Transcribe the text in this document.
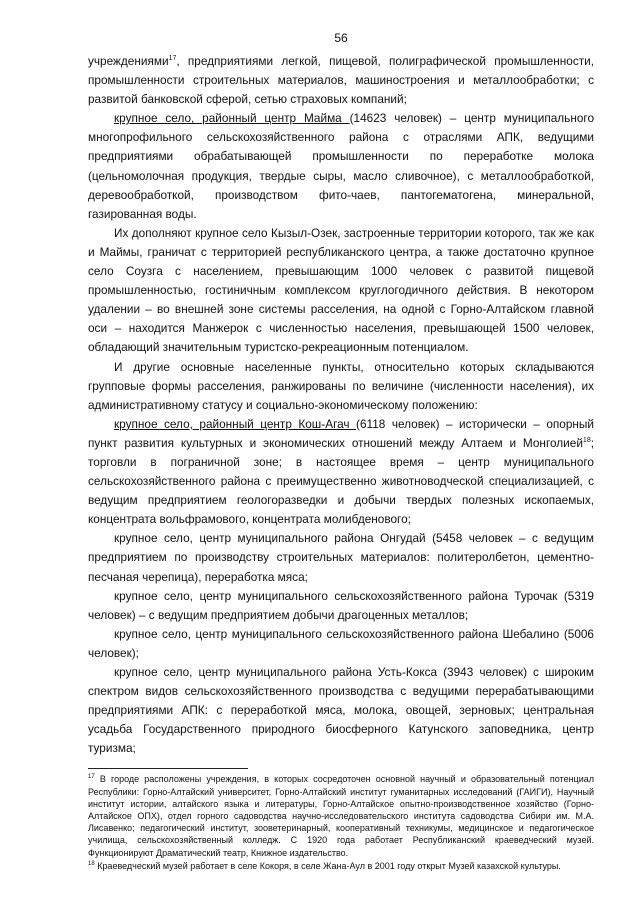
56

учреждениями$^{17}$, предприятиями легкой, пищевой, полиграфической промышленности, промышленности строительных материалов, машиностроения и металлообработки; с развитой банковской сферой, сетью страховых компаний;

крупное село, районный центр Майма (14623 человек) – центр муниципального многопрофильного сельскохозяйственного района с отраслями АПК, ведущими предприятиями обрабатывающей промышленности по переработке молока (цельномолочная продукция, твердые сыры, масло сливочное), с металлообработкой, деревообработкой, производством фито-чаев, пантогематогена, минеральной, газированная воды.

Их дополняют крупное село Кызыл-Озек, застроенные территории которого, так же как и Маймы, граничат с территорией республиканского центра, а также достаточно крупное село Соузга с населением, превышающим 1000 человек с развитой пищевой промышленностью, гостиничным комплексом круглогодичного действия. В некотором удалении – во внешней зоне системы расселения, на одной с Горно-Алтайском главной оси – находится Манжерок с численностью населения, превышающей 1500 человек, обладающий значительным туристско-рекреационным потенциалом.

И другие основные населенные пункты, относительно которых складываются групповые формы расселения, ранжированы по величине (численности населения), их административному статусу и социально-экономическому положению:

крупное село, районный центр Кош-Агач (6118 человек) – исторически – опорный пункт развития культурных и экономических отношений между Алтаем и Монголией$^{18}$; торговли в пограничной зоне; в настоящее время – центр муниципального сельскохозяйственного района с преимущественно животноводческой специализацией, с ведущим предприятием геологоразведки и добычи твердых полезных ископаемых, концентрата вольфрамового, концентрата молибденового;

крупное село, центр муниципального района Онгудай (5458 человек – с ведущим предприятием по производству строительных материалов: политеролбетон, цементно-песчаная черепица), переработка мяса;

крупное село, центр муниципального сельскохозяйственного района Турочак (5319 человек) – с ведущим предприятием добычи драгоценных металлов;

крупное село, центр муниципального сельскохозяйственного района Шебалино (5006 человек);

крупное село, центр муниципального района Усть-Кокса (3943 человек) с широким спектром видов сельскохозяйственного производства с ведущими перерабатывающими предприятиями АПК: с переработкой мяса, молока, овощей, зерновых; центральная усадьба Государственного природного биосферного Катунского заповедника, центр туризма;

$^{17}$ В городе расположены учреждения, в которых сосредоточен основной научный и образовательный потенциал Республики: Горно-Алтайский университет, Горно-Алтайский институт гуманитарных исследований (ГАИГИ), Научный институт истории, алтайского языка и литературы, Горно-Алтайское опытно-производственное хозяйство (Горно-Алтайское ОПХ), отдел горного садоводства научно-исследовательского института садоводства Сибири им. М.А. Лисавенко; педагогический институт, зооветеринарный, кооперативный техникумы, медицинское и педагогическое училища, сельскохозяйственный колледж. С 1920 года работает Республиканский краеведческий музей. Функционируют Драматический театр, Книжное издательство.

$^{18}$ Краеведческий музей работает в селе Кокоря, в селе Жана-Аул в 2001 году открыт Музей казахской культуры.
